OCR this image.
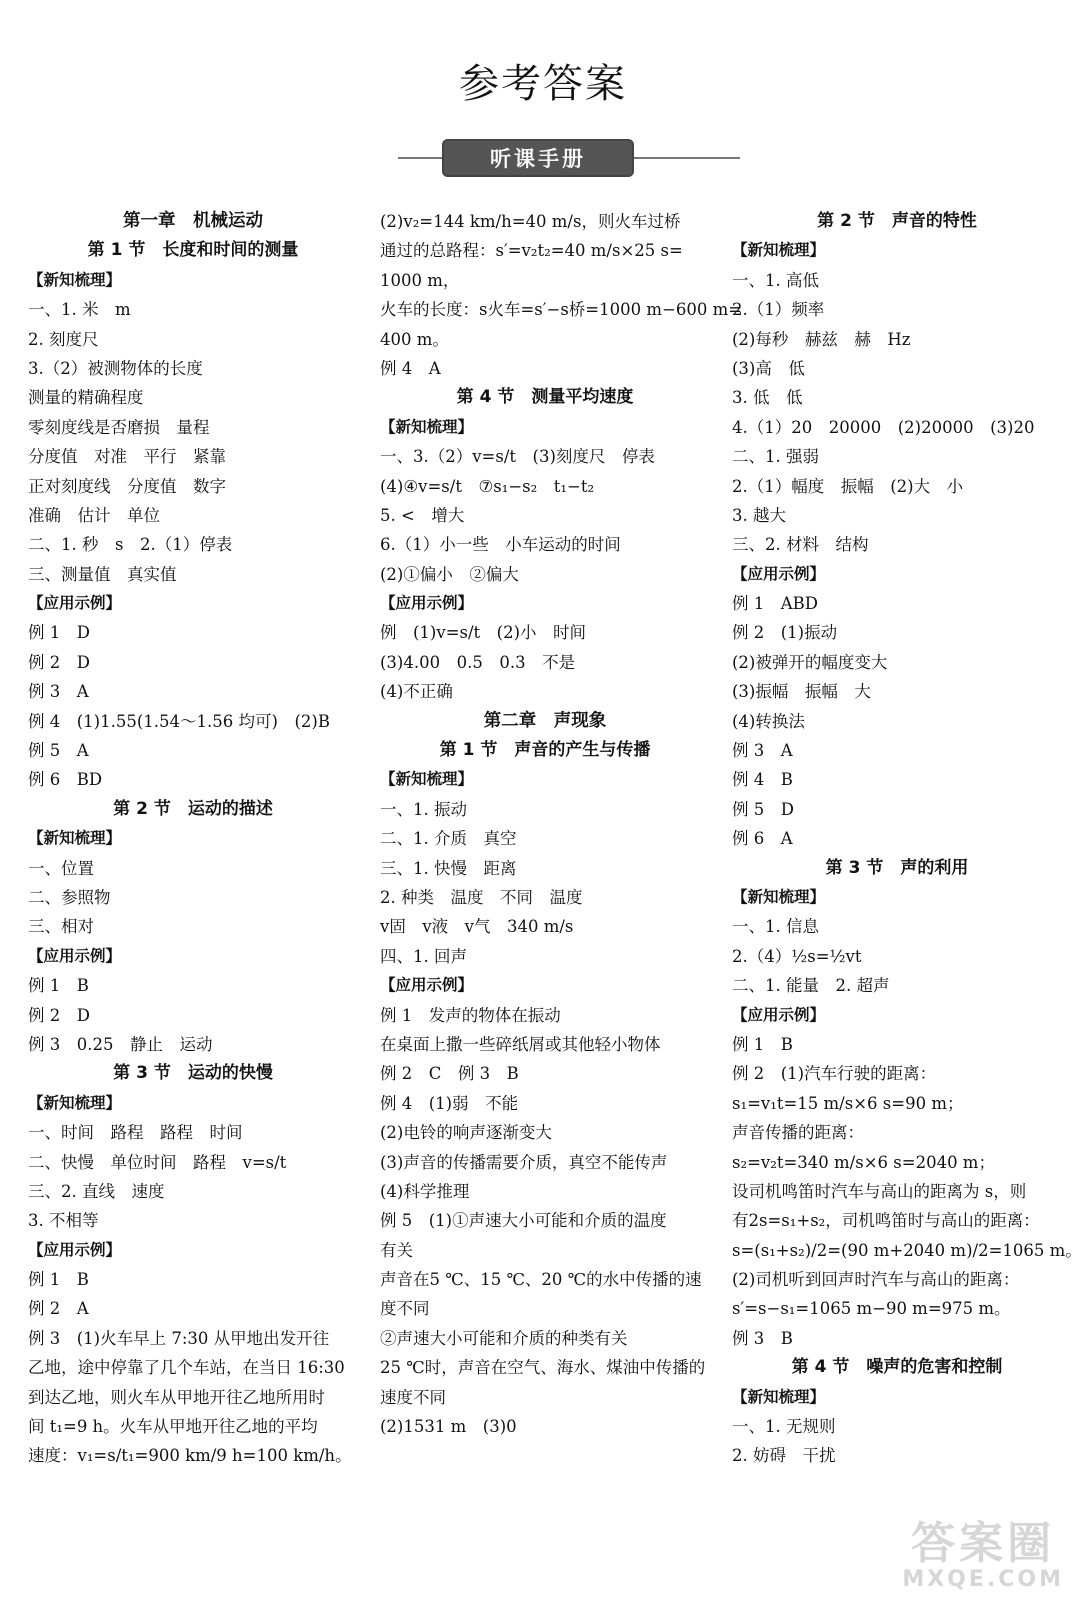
参考答案
听课手册
第一章　机械运动
第 1 节　长度和时间的测量
【新知梳理】
一、1. 米　m
2. 刻度尺
3.（2）被测物体的长度
测量的精确程度
零刻度线是否磨损　量程
分度值　对准　平行　紧靠
正对刻度线　分度值　数字
准确　估计　单位
二、1. 秒　s　2.（1）停表
三、测量值　真实值
【应用示例】
例 1　D
例 2　D
例 3　A
例 4　(1)1.55(1.54～1.56 均可)　(2)B
例 5　A
例 6　BD
第 2 节　运动的描述
【新知梳理】
一、位置
二、参照物
三、相对
【应用示例】
例 1　B
例 2　D
例 3　0.25　静止　运动
第 3 节　运动的快慢
【新知梳理】
一、时间　路程　路程　时间
二、快慢　单位时间　路程　v=s/t
三、2. 直线　速度
3. 不相等
【应用示例】
例 1　B
例 2　A
例 3　(1)火车早上 7:30 从甲地出发开往
乙地，途中停靠了几个车站，在当日 16:30
到达乙地，则火车从甲地开往乙地所用时
间 t₁=9 h。火车从甲地开往乙地的平均
速度：v₁=s/t₁=900 km/9 h=100 km/h。
(2)v₂=144 km/h=40 m/s，则火车过桥
通过的总路程：s′=v₂t₂=40 m/s×25 s=
1000 m，
火车的长度：s火车=s′−s桥=1000 m−600 m=
400 m。
例 4　A
第 4 节　测量平均速度
【新知梳理】
一、3.（2）v=s/t　(3)刻度尺　停表
(4)④v=s/t　⑦s₁−s₂　t₁−t₂
5. <　增大
6.（1）小一些　小车运动的时间
(2)①偏小　②偏大
【应用示例】
例　(1)v=s/t　(2)小　时间
(3)4.00　0.5　0.3　不是
(4)不正确
第二章　声现象
第 1 节　声音的产生与传播
【新知梳理】
一、1. 振动
二、1. 介质　真空
三、1. 快慢　距离
2. 种类　温度　不同　温度
v固　v液　v气　340 m/s
四、1. 回声
【应用示例】
例 1　发声的物体在振动
在桌面上撒一些碎纸屑或其他轻小物体
例 2　C　例 3　B
例 4　(1)弱　不能
(2)电铃的响声逐渐变大
(3)声音的传播需要介质，真空不能传声
(4)科学推理
例 5　(1)①声速大小可能和介质的温度
有关
声音在5 ℃、15 ℃、20 ℃的水中传播的速
度不同
②声速大小可能和介质的种类有关
25 ℃时，声音在空气、海水、煤油中传播的
速度不同
(2)1531 m　(3)0
第 2 节　声音的特性
【新知梳理】
一、1. 高低
2.（1）频率
(2)每秒　赫兹　赫　Hz
(3)高　低
3. 低　低
4.（1）20　20000　(2)20000　(3)20
二、1. 强弱
2.（1）幅度　振幅　(2)大　小
3. 越大
三、2. 材料　结构
【应用示例】
例 1　ABD
例 2　(1)振动
(2)被弹开的幅度变大
(3)振幅　振幅　大
(4)转换法
例 3　A
例 4　B
例 5　D
例 6　A
第 3 节　声的利用
【新知梳理】
一、1. 信息
2.（4）½s=½vt
二、1. 能量　2. 超声
【应用示例】
例 1　B
例 2　(1)汽车行驶的距离：
s₁=v₁t=15 m/s×6 s=90 m；
声音传播的距离：
s₂=v₂t=340 m/s×6 s=2040 m；
设司机鸣笛时汽车与高山的距离为 s，则
有2s=s₁+s₂，司机鸣笛时与高山的距离：
s=(s₁+s₂)/2=(90 m+2040 m)/2=1065 m。
(2)司机听到回声时汽车与高山的距离：
s′=s−s₁=1065 m−90 m=975 m。
例 3　B
第 4 节　噪声的危害和控制
【新知梳理】
一、1. 无规则
2. 妨碍　干扰
答案圈
MXQE.COM
